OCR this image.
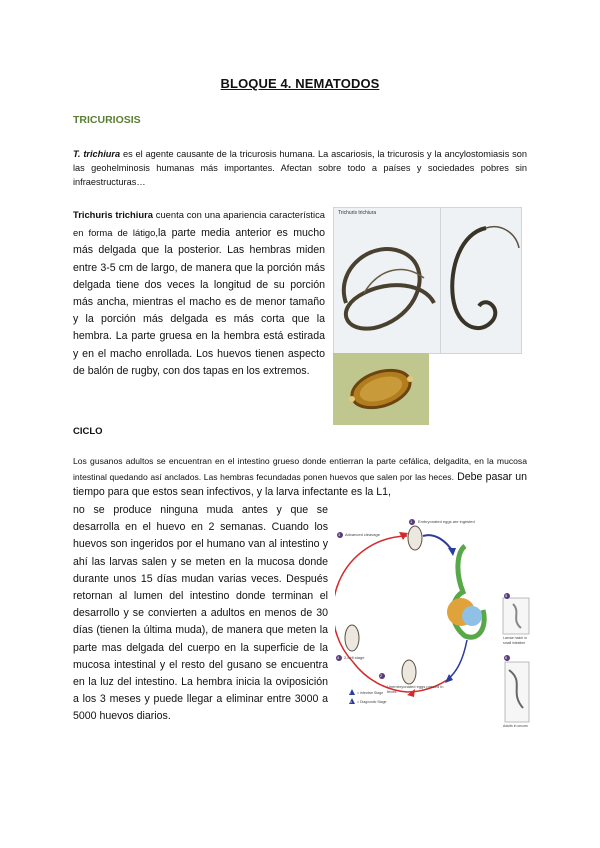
BLOQUE 4. NEMATODOS
TRICURIOSIS
T. trichiura es el agente causante de la tricurosis humana. La ascariosis, la tricurosis y la ancylostomiasis son las geohelminosis humanas más importantes. Afectan sobre todo a países y sociedades pobres sin infraestructuras…
Trichuris trichiura cuenta con una apariencia característica en forma de látigo,la parte media anterior es mucho más delgada que la posterior. Las hembras miden entre 3-5 cm de largo, de manera que la porción más delgada tiene dos veces la longitud de su porción más ancha, mientras el macho es de menor tamaño y la porción más delgada es más corta que la hembra. La parte gruesa en la hembra está estirada y en el macho enrollada. Los huevos tienen aspecto de balón de rugby, con dos tapas en los extremos.
Trichuris trichiura
CICLO
Los gusanos adultos se encuentran en el intestino grueso donde entierran la parte cefálica, delgadita, en la mucosa intestinal quedando así anclados. Las hembras fecundadas ponen huevos que salen por las heces. Debe pasar un tiempo para que estos sean infectivos, y la larva infectante es la L1,
no se produce ninguna muda antes y que se desarrolla en el huevo en 2 semanas. Cuando los huevos son ingeridos por el humano van al intestino y ahí las larvas salen y se meten en la mucosa donde durante unos 15 días mudan varias veces. Después retornan al lumen del intestino donde terminan el desarrollo y se convierten a adultos en menos de 30 días (tienen la última muda), de manera que meten la parte mas delgada del cuerpo en la superficie de la mucosa intestinal y el resto del gusano se encuentra en la luz del intestino. La hembra inicia la oviposición a los 3 meses y puede llegar a eliminar entre 3000 a 5000 huevos diarios.
3
1
4
2
5
6
i
d
Advanced cleavage
Embryonated eggs are ingested
2-cell stage
Unembryonated eggs passed in feces
Larvae hatch in small intestine
Adults in cecum
= Infective Stage
= Diagnostic Stage
